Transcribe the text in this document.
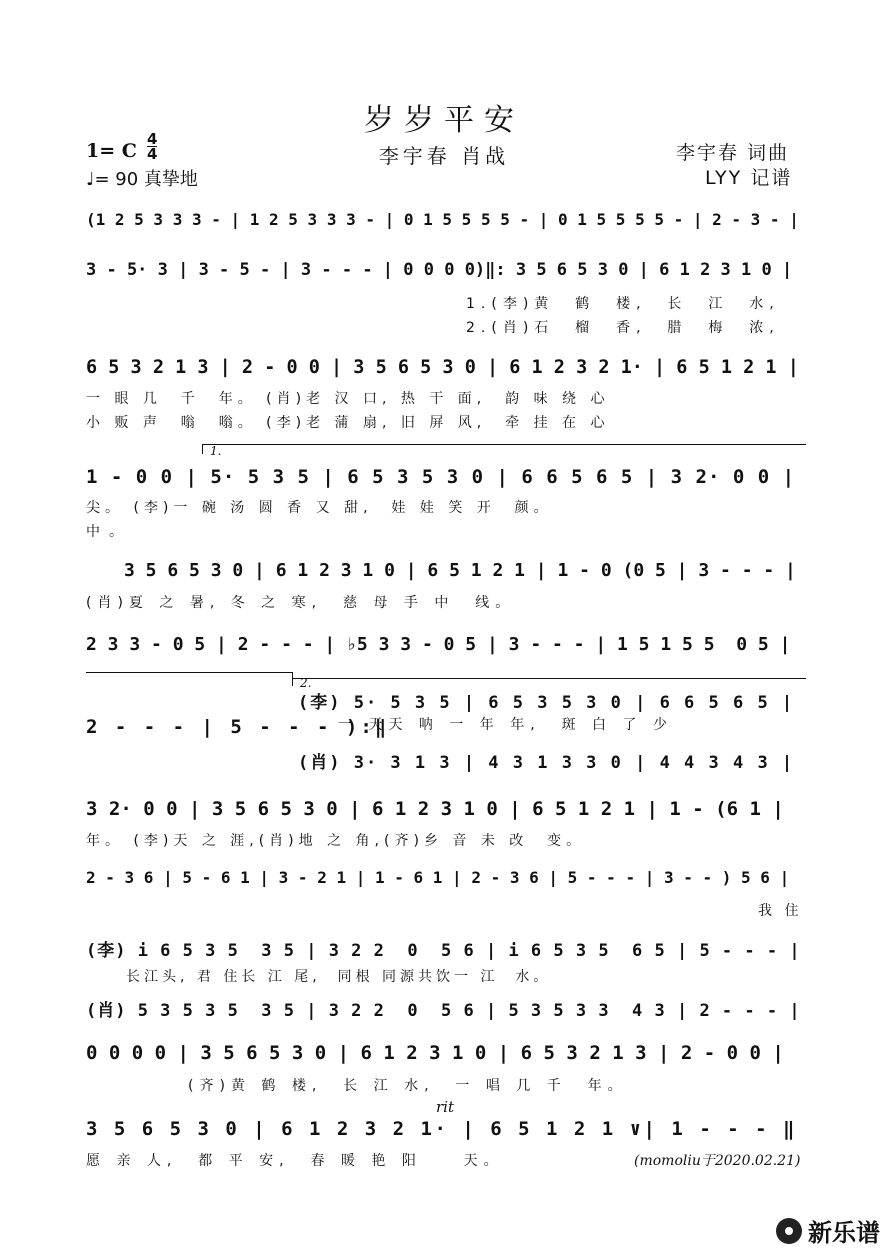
岁岁平安
李宇春 肖战	李宇春 词曲
LYY 记谱
1= C
4
4
♩= 90 真挚地
(1 2 5 3 3 3 - | 1 2 5 3 3 3 - | 0 1 5 5 5 5 - | 0 1 5 5 5 5 - | 2 - 3 - |
3 - 5· 3 | 3 - 5 - | 3 - - - | 0 0 0 0)‖: 3 5 6 5 3 0 | 6 1 2 3 1 0 |
1.(李)黄  鹤  楼,  长  江  水,
2.(肖)石  榴  香,  腊  梅  浓,
6 5 3 2 1 3 | 2 - 0 0 | 3 5 6 5 3 0 | 6 1 2 3 2 1· | 6 5 1 2 1 |
一 眼 几  千  年。 (肖)老 汉 口, 热 干 面,  韵 味 绕 心
小 贩 声  嗡  嗡。 (李)老 蒲 扇, 旧 屏 风,  牵 挂 在 心
1.
1 - 0 0 | 5· 5 3 5 | 6 5 3 5 3 0 | 6 6 5 6 5 | 3 2· 0 0 |
尖。 (李)一 碗 汤 圆 香 又 甜,  娃 娃 笑 开  颜。
中。
3 5 6 5 3 0 | 6 1 2 3 1 0 | 6 5 1 2 1 | 1 - 0 (0 5 | 3 - - - |
(肖)夏 之 暑, 冬 之 寒,  慈 母 手 中  线。
2 3 3 - 0 5 | 2 - - - | ♭5 3 3 - 0 5 | 3 - - - | 1 5 1 5 5  0 5 |
2.
2 - - - | 5 - - - ):‖
(李) 5· 5 3 5 | 6 5 3 5 3 0 | 6 6 5 6 5 |
一 天天 呐 一 年 年,  斑 白 了 少
(肖) 3· 3 1 3 | 4 3 1 3 3 0 | 4 4 3 4 3 |
3 2· 0 0 | 3 5 6 5 3 0 | 6 1 2 3 1 0 | 6 5 1 2 1 | 1 - (6 1 |
年。 (李)天 之 涯,(肖)地 之 角,(齐)乡 音 未 改  变。
2 - 3 6 | 5 - 6 1 | 3 - 2 1 | 1 - 6 1 | 2 - 3 6 | 5 - - - | 3 - - ) 5 6 |
我 住
(李) i 6 5 3 5  3 5 | 3 2 2  0  5 6 | i 6 5 3 5  6 5 | 5 - - - |
长江头, 君 住长 江 尾,  同根 同源共饮一 江  水。
(肖) 5 3 5 3 5  3 5 | 3 2 2  0  5 6 | 5 3 5 3 3  4 3 | 2 - - - |
0 0 0 0 | 3 5 6 5 3 0 | 6 1 2 3 1 0 | 6 5 3 2 1 3 | 2 - 0 0 |
(齐)黄 鹤 楼,  长 江 水,  一 唱 几 千  年。
rit
3 5 6 5 3 0 | 6 1 2 3 2 1· | 6 5 1 2 1 ∨| 1 - - - ‖
愿 亲 人,  都 平 安,  春 暖 艳 阳    天。	(momoliu于2020.02.21)
新乐谱
